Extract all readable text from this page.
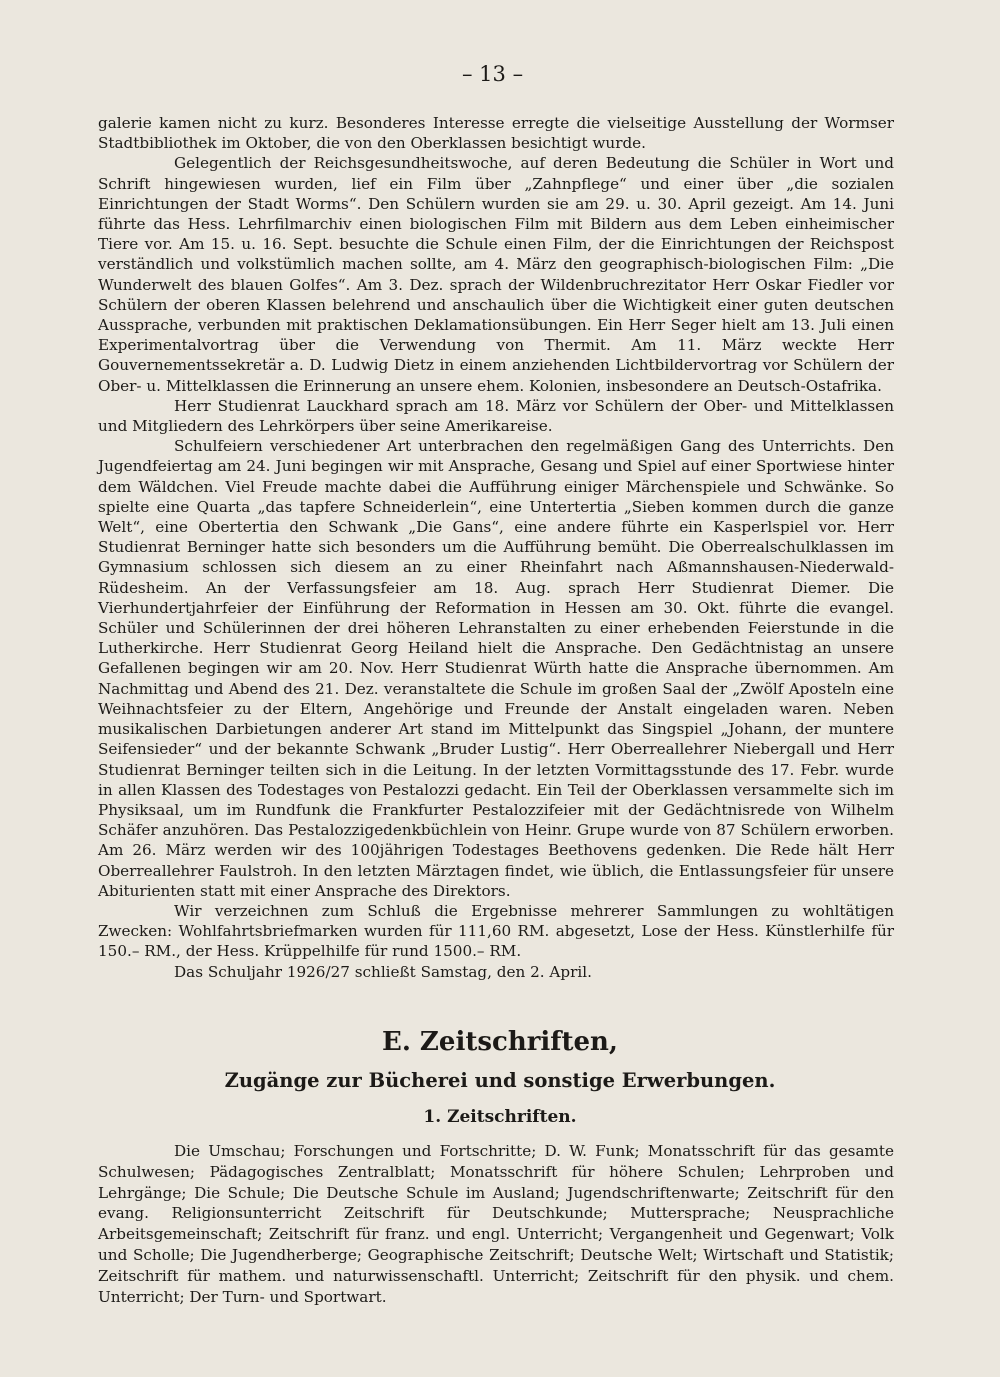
– 13 –

galerie kamen nicht zu kurz. Besonderes Interesse erregte die vielseitige Ausstellung der Wormser Stadtbibliothek im Oktober, die von den Oberklassen besichtigt wurde.

Gelegentlich der Reichsgesundheitswoche, auf deren Bedeutung die Schüler in Wort und Schrift hingewiesen wurden, lief ein Film über „Zahnpflege“ und einer über „die sozialen Einrichtungen der Stadt Worms“. Den Schülern wurden sie am 29. u. 30. April gezeigt. Am 14. Juni führte das Hess. Lehrfilmarchiv einen biologischen Film mit Bildern aus dem Leben einheimischer Tiere vor. Am 15. u. 16. Sept. besuchte die Schule einen Film, der die Einrichtungen der Reichspost verständlich und volkstümlich machen sollte, am 4. März den geographisch-biologischen Film: „Die Wunderwelt des blauen Golfes“. Am 3. Dez. sprach der Wildenbruchrezitator Herr Oskar Fiedler vor Schülern der oberen Klassen belehrend und anschaulich über die Wichtigkeit einer guten deutschen Aussprache, verbunden mit praktischen Deklamationsübungen. Ein Herr Seger hielt am 13. Juli einen Experimentalvortrag über die Verwendung von Thermit. Am 11. März weckte Herr Gouvernementssekretär a. D. Ludwig Dietz in einem anziehenden Lichtbildervortrag vor Schülern der Ober- u. Mittelklassen die Erinnerung an unsere ehem. Kolonien, insbesondere an Deutsch-Ostafrika.

Herr Studienrat Lauckhard sprach am 18. März vor Schülern der Ober- und Mittelklassen und Mitgliedern des Lehrkörpers über seine Amerikareise.

Schulfeiern verschiedener Art unterbrachen den regelmäßigen Gang des Unterrichts. Den Jugendfeiertag am 24. Juni begingen wir mit Ansprache, Gesang und Spiel auf einer Sportwiese hinter dem Wäldchen. Viel Freude machte dabei die Aufführung einiger Märchenspiele und Schwänke. So spielte eine Quarta „das tapfere Schneiderlein“, eine Untertertia „Sieben kommen durch die ganze Welt“, eine Obertertia den Schwank „Die Gans“, eine andere führte ein Kasperlspiel vor. Herr Studienrat Berninger hatte sich besonders um die Aufführung bemüht. Die Oberrealschulklassen im Gymnasium schlossen sich diesem an zu einer Rheinfahrt nach Aßmannshausen-Niederwald-Rüdesheim. An der Verfassungsfeier am 18. Aug. sprach Herr Studienrat Diemer. Die Vierhundertjahrfeier der Einführung der Reformation in Hessen am 30. Okt. führte die evangel. Schüler und Schülerinnen der drei höheren Lehranstalten zu einer erhebenden Feierstunde in die Lutherkirche. Herr Studienrat Georg Heiland hielt die Ansprache. Den Gedächtnistag an unsere Gefallenen begingen wir am 20. Nov. Herr Studienrat Würth hatte die Ansprache übernommen. Am Nachmittag und Abend des 21. Dez. veranstaltete die Schule im großen Saal der „Zwölf Aposteln eine Weihnachtsfeier zu der Eltern, Angehörige und Freunde der Anstalt eingeladen waren. Neben musikalischen Darbietungen anderer Art stand im Mittelpunkt das Singspiel „Johann, der muntere Seifensieder“ und der bekannte Schwank „Bruder Lustig“. Herr Oberreallehrer Niebergall und Herr Studienrat Berninger teilten sich in die Leitung. In der letzten Vormittagsstunde des 17. Febr. wurde in allen Klassen des Todestages von Pestalozzi gedacht. Ein Teil der Oberklassen versammelte sich im Physiksaal, um im Rundfunk die Frankfurter Pestalozzifeier mit der Gedächtnisrede von Wilhelm Schäfer anzuhören. Das Pestalozzigedenkbüchlein von Heinr. Grupe wurde von 87 Schülern erworben. Am 26. März werden wir des 100jährigen Todestages Beethovens gedenken. Die Rede hält Herr Oberreallehrer Faulstroh. In den letzten Märztagen findet, wie üblich, die Entlassungsfeier für unsere Abiturienten statt mit einer Ansprache des Direktors.

Wir verzeichnen zum Schluß die Ergebnisse mehrerer Sammlungen zu wohltätigen Zwecken: Wohlfahrtsbriefmarken wurden für 111,60 RM. abgesetzt, Lose der Hess. Künstlerhilfe für 150.– RM., der Hess. Krüppelhilfe für rund 1500.– RM.

Das Schuljahr 1926/27 schließt Samstag, den 2. April.

E. Zeitschriften,
Zugänge zur Bücherei und sonstige Erwerbungen.
1. Zeitschriften.

Die Umschau; Forschungen und Fortschritte; D. W. Funk; Monatsschrift für das gesamte Schulwesen; Pädagogisches Zentralblatt; Monatsschrift für höhere Schulen; Lehrproben und Lehrgänge; Die Schule; Die Deutsche Schule im Ausland; Jugendschriftenwarte; Zeitschrift für den evang. Religionsunterricht Zeitschrift für Deutschkunde; Muttersprache; Neusprachliche Arbeitsgemeinschaft; Zeitschrift für franz. und engl. Unterricht; Vergangenheit und Gegenwart; Volk und Scholle; Die Jugendherberge; Geographische Zeitschrift; Deutsche Welt; Wirtschaft und Statistik; Zeitschrift für mathem. und naturwissenschaftl. Unterricht; Zeitschrift für den physik. und chem. Unterricht; Der Turn- und Sportwart.
